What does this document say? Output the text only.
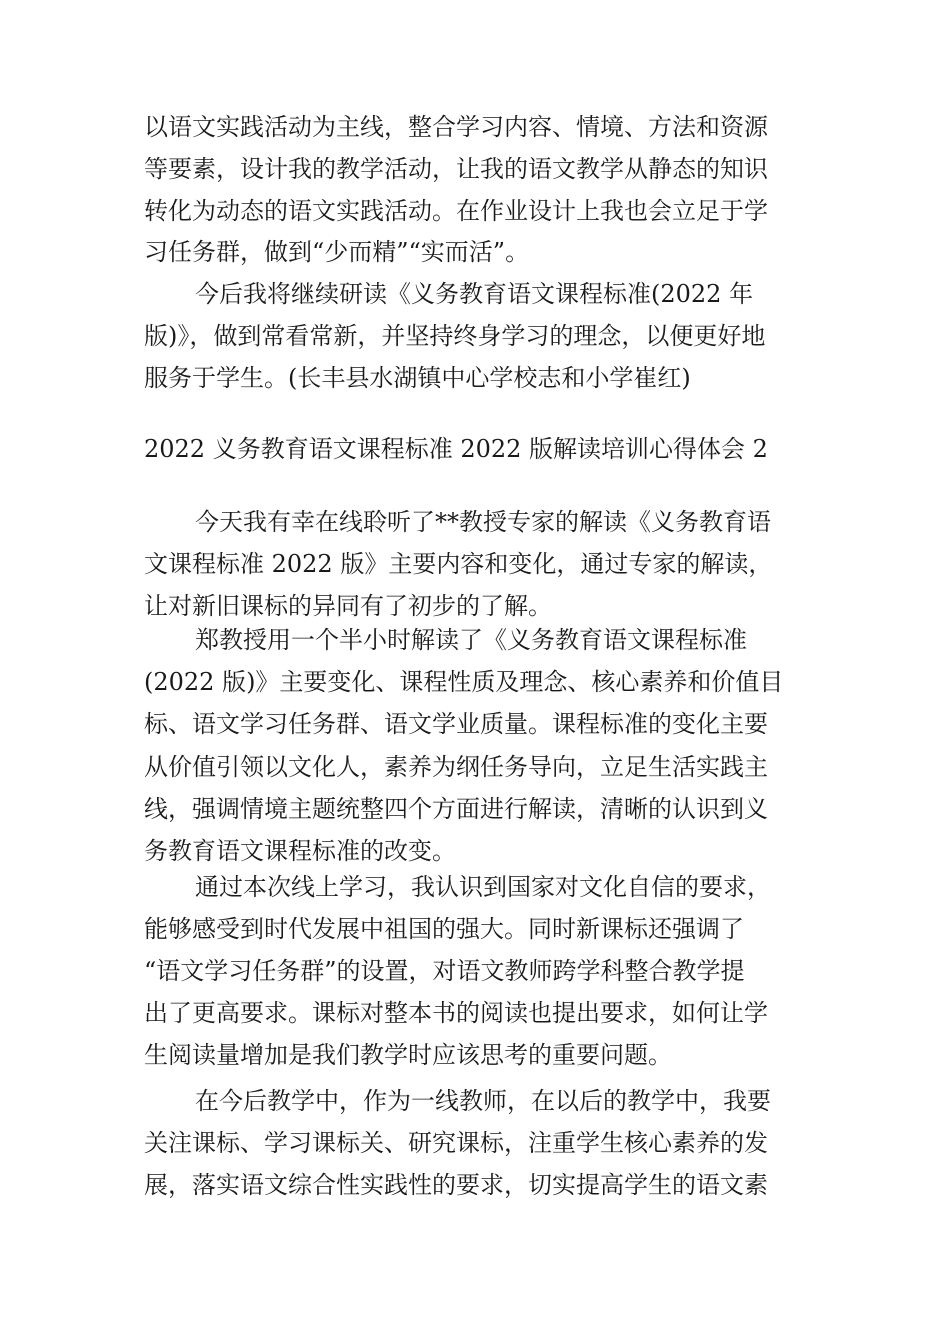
以语文实践活动为主线，整合学习内容、情境、方法和资源
等要素，设计我的教学活动，让我的语文教学从静态的知识
转化为动态的语文实践活动。在作业设计上我也会立足于学
习任务群，做到“少而精”“实而活”。
今后我将继续研读《义务教育语文课程标准(2022 年
版)》，做到常看常新，并坚持终身学习的理念，以便更好地
服务于学生。(长丰县水湖镇中心学校志和小学崔红)
2022 义务教育语文课程标准 2022 版解读培训心得体会 2
今天我有幸在线聆听了**教授专家的解读《义务教育语
文课程标准 2022 版》主要内容和变化，通过专家的解读，
让对新旧课标的异同有了初步的了解。
郑教授用一个半小时解读了《义务教育语文课程标准
(2022 版)》主要变化、课程性质及理念、核心素养和价值目
标、语文学习任务群、语文学业质量。课程标准的变化主要
从价值引领以文化人，素养为纲任务导向，立足生活实践主
线，强调情境主题统整四个方面进行解读，清晰的认识到义
务教育语文课程标准的改变。
通过本次线上学习，我认识到国家对文化自信的要求，
能够感受到时代发展中祖国的强大。同时新课标还强调了
“语文学习任务群”的设置，对语文教师跨学科整合教学提
出了更高要求。课标对整本书的阅读也提出要求，如何让学
生阅读量增加是我们教学时应该思考的重要问题。
在今后教学中，作为一线教师，在以后的教学中，我要
关注课标、学习课标关、研究课标，注重学生核心素养的发
展，落实语文综合性实践性的要求，切实提高学生的语文素
